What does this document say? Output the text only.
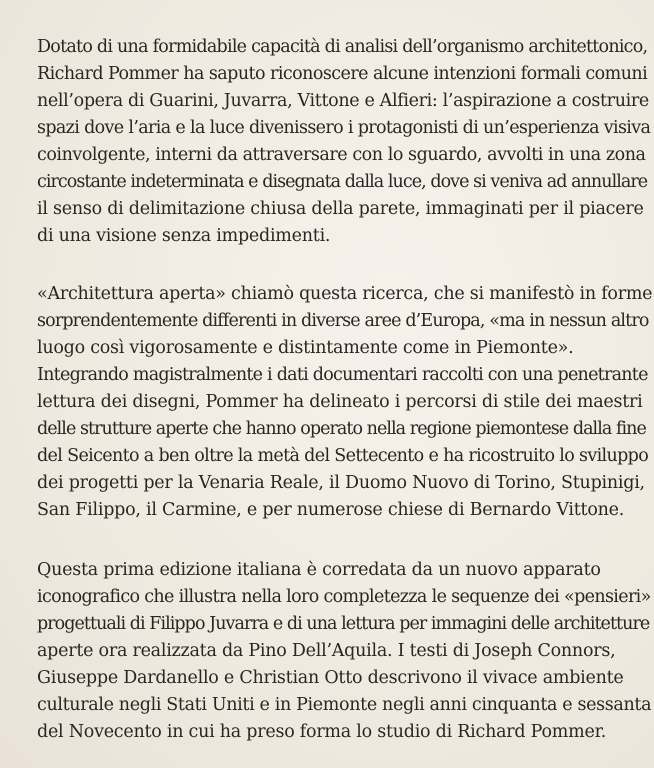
Dotato di una formidabile capacità di analisi dell’organismo architettonico,
Richard Pommer ha saputo riconoscere alcune intenzioni formali comuni
nell’opera di Guarini, Juvarra, Vittone e Alfieri: l’aspirazione a costruire
spazi dove l’aria e la luce divenissero i protagonisti di un’esperienza visiva
coinvolgente, interni da attraversare con lo sguardo, avvolti in una zona
circostante indeterminata e disegnata dalla luce, dove si veniva ad annullare
il senso di delimitazione chiusa della parete, immaginati per il piacere
di una visione senza impedimenti.
«Architettura aperta» chiamò questa ricerca, che si manifestò in forme
sorprendentemente differenti in diverse aree d’Europa, «ma in nessun altro
luogo così vigorosamente e distintamente come in Piemonte».
Integrando magistralmente i dati documentari raccolti con una penetrante
lettura dei disegni, Pommer ha delineato i percorsi di stile dei maestri
delle strutture aperte che hanno operato nella regione piemontese dalla fine
del Seicento a ben oltre la metà del Settecento e ha ricostruito lo sviluppo
dei progetti per la Venaria Reale, il Duomo Nuovo di Torino, Stupinigi,
San Filippo, il Carmine, e per numerose chiese di Bernardo Vittone.
Questa prima edizione italiana è corredata da un nuovo apparato
iconografico che illustra nella loro completezza le sequenze dei «pensieri»
progettuali di Filippo Juvarra e di una lettura per immagini delle architetture
aperte ora realizzata da Pino Dell’Aquila. I testi di Joseph Connors,
Giuseppe Dardanello e Christian Otto descrivono il vivace ambiente
culturale negli Stati Uniti e in Piemonte negli anni cinquanta e sessanta
del Novecento in cui ha preso forma lo studio di Richard Pommer.
